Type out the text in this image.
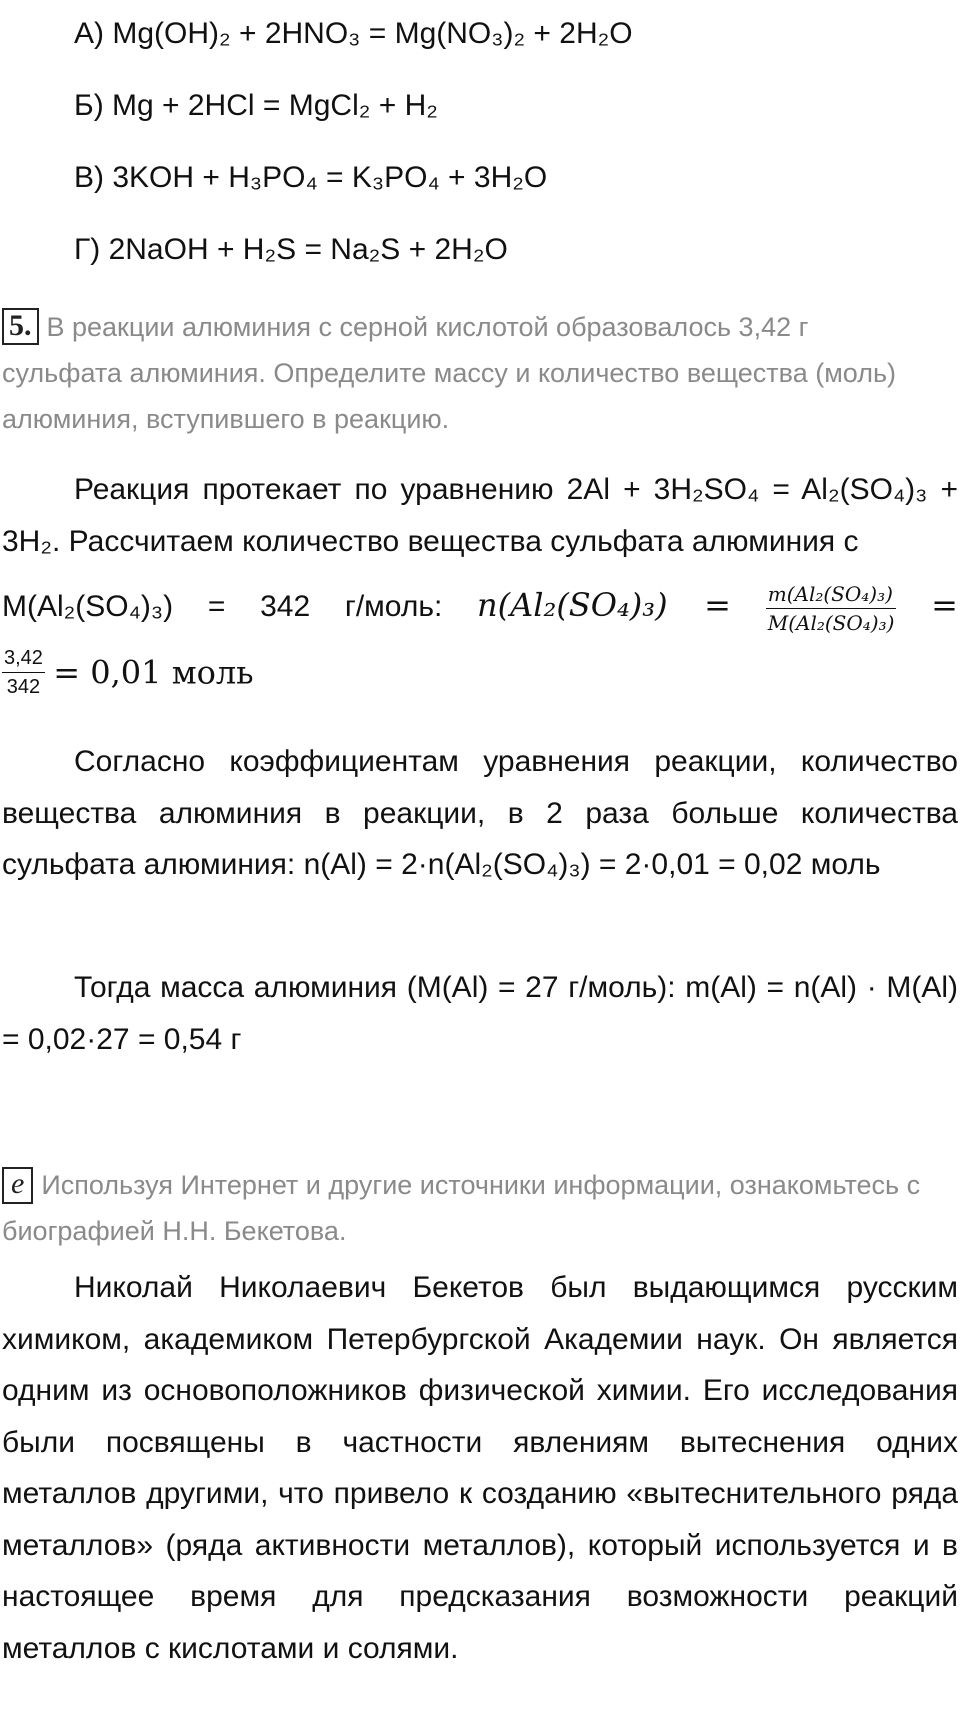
А) Mg(OH)₂ + 2HNO₃ = Mg(NO₃)₂ + 2H₂O
Б) Mg + 2HCl = MgCl₂ + H₂
В) 3KOH + H₃PO₄ = K₃PO₄ + 3H₂O
Г) 2NaOH + H₂S = Na₂S + 2H₂O
5. В реакции алюминия с серной кислотой образовалось 3,42 г сульфата алюминия. Определите массу и количество вещества (моль) алюминия, вступившего в реакцию.
Реакция протекает по уравнению 2Al + 3H₂SO₄ = Al₂(SO₄)₃ + 3H₂. Рассчитаем количество вещества сульфата алюминия с
M(Al₂(SO₄)₃) = 342 г/моль: $n(Al_2(SO_4)_3) = \frac{\text{m(Al₂(SO₄)₃)}}{\text{M(Al₂(SO₄)₃)}}$ =
$\frac{3,42}{342} = 0,01$ моль
Согласно коэффициентам уравнения реакции, количество вещества алюминия в реакции, в 2 раза больше количества сульфата алюминия: n(Al) = 2·n(Al₂(SO₄)₃) = 2·0,01 = 0,02 моль
Тогда масса алюминия (M(Al) = 27 г/моль): m(Al) = n(Al) · M(Al) = 0,02·27 = 0,54 г
e Используя Интернет и другие источники информации, ознакомьтесь с биографией Н.Н. Бекетова.
Николай Николаевич Бекетов был выдающимся русским химиком, академиком Петербургской Академии наук. Он является одним из основоположников физической химии. Его исследования были посвящены в частности явлениям вытеснения одних металлов другими, что привело к созданию «вытеснительного ряда металлов» (ряда активности металлов), который используется и в настоящее время для предсказания возможности реакций металлов с кислотами и солями.
